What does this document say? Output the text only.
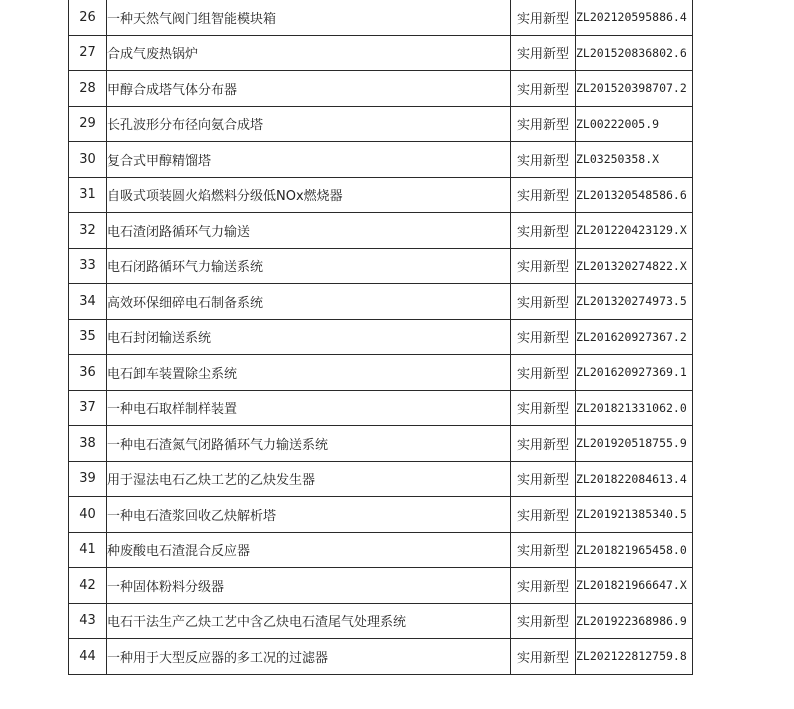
26	一种天然气阀门组智能模块箱	实用新型	ZL202120595886.4
27	合成气废热锅炉	实用新型	ZL201520836802.6
28	甲醇合成塔气体分布器	实用新型	ZL201520398707.2
29	长孔波形分布径向氨合成塔	实用新型	ZL00222005.9
30	复合式甲醇精馏塔	实用新型	ZL03250358.X
31	自吸式项装圆火焰燃料分级低NOx燃烧器	实用新型	ZL201320548586.6
32	电石渣闭路循环气力输送	实用新型	ZL201220423129.X
33	电石闭路循环气力输送系统	实用新型	ZL201320274822.X
34	高效环保细碎电石制备系统	实用新型	ZL201320274973.5
35	电石封闭输送系统	实用新型	ZL201620927367.2
36	电石卸车装置除尘系统	实用新型	ZL201620927369.1
37	一种电石取样制样装置	实用新型	ZL201821331062.0
38	一种电石渣氮气闭路循环气力输送系统	实用新型	ZL201920518755.9
39	用于湿法电石乙炔工艺的乙炔发生器	实用新型	ZL201822084613.4
40	一种电石渣浆回收乙炔解析塔	实用新型	ZL201921385340.5
41	种废酸电石渣混合反应器	实用新型	ZL201821965458.0
42	一种固体粉料分级器	实用新型	ZL201821966647.X
43	电石干法生产乙炔工艺中含乙炔电石渣尾气处理系统	实用新型	ZL201922368986.9
44	一种用于大型反应器的多工况的过滤器	实用新型	ZL202122812759.8
